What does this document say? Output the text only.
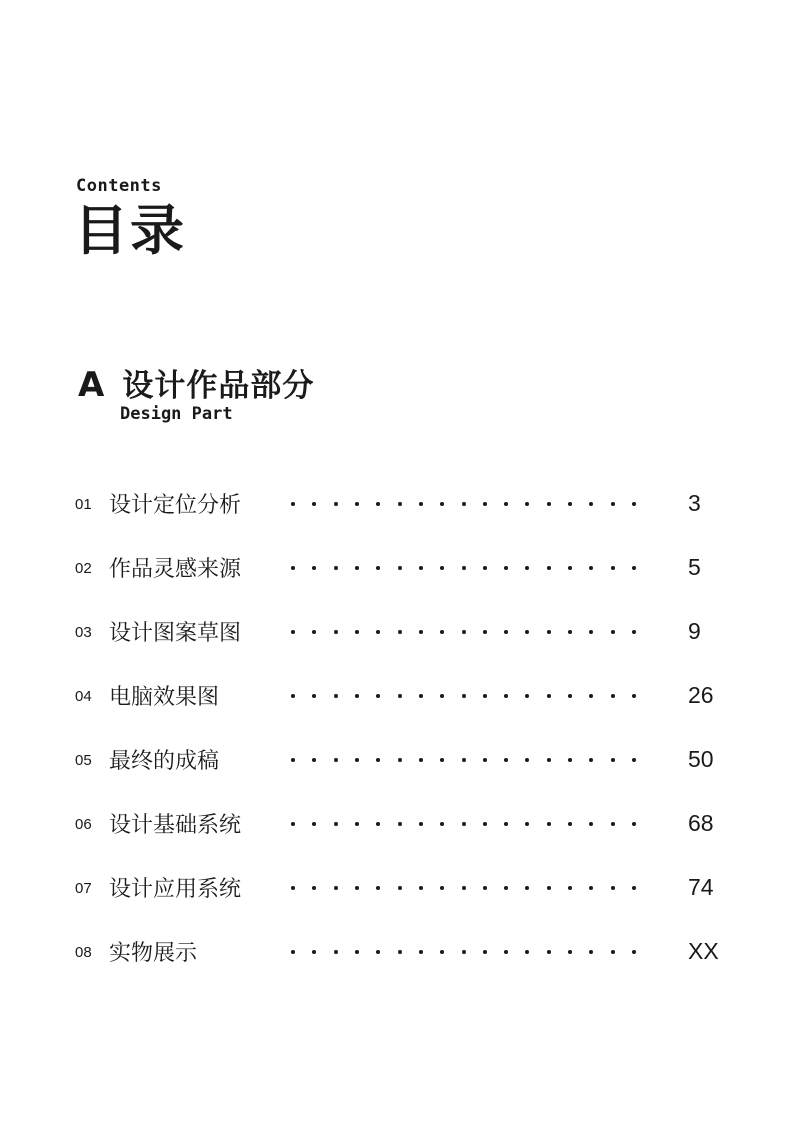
Contents
目录
A 设计作品部分
Design Part
01 设计定位分析	3
02 作品灵感来源	5
03 设计图案草图	9
04 电脑效果图	26
05 最终的成稿	50
06 设计基础系统	68
07 设计应用系统	74
08 实物展示	XX
